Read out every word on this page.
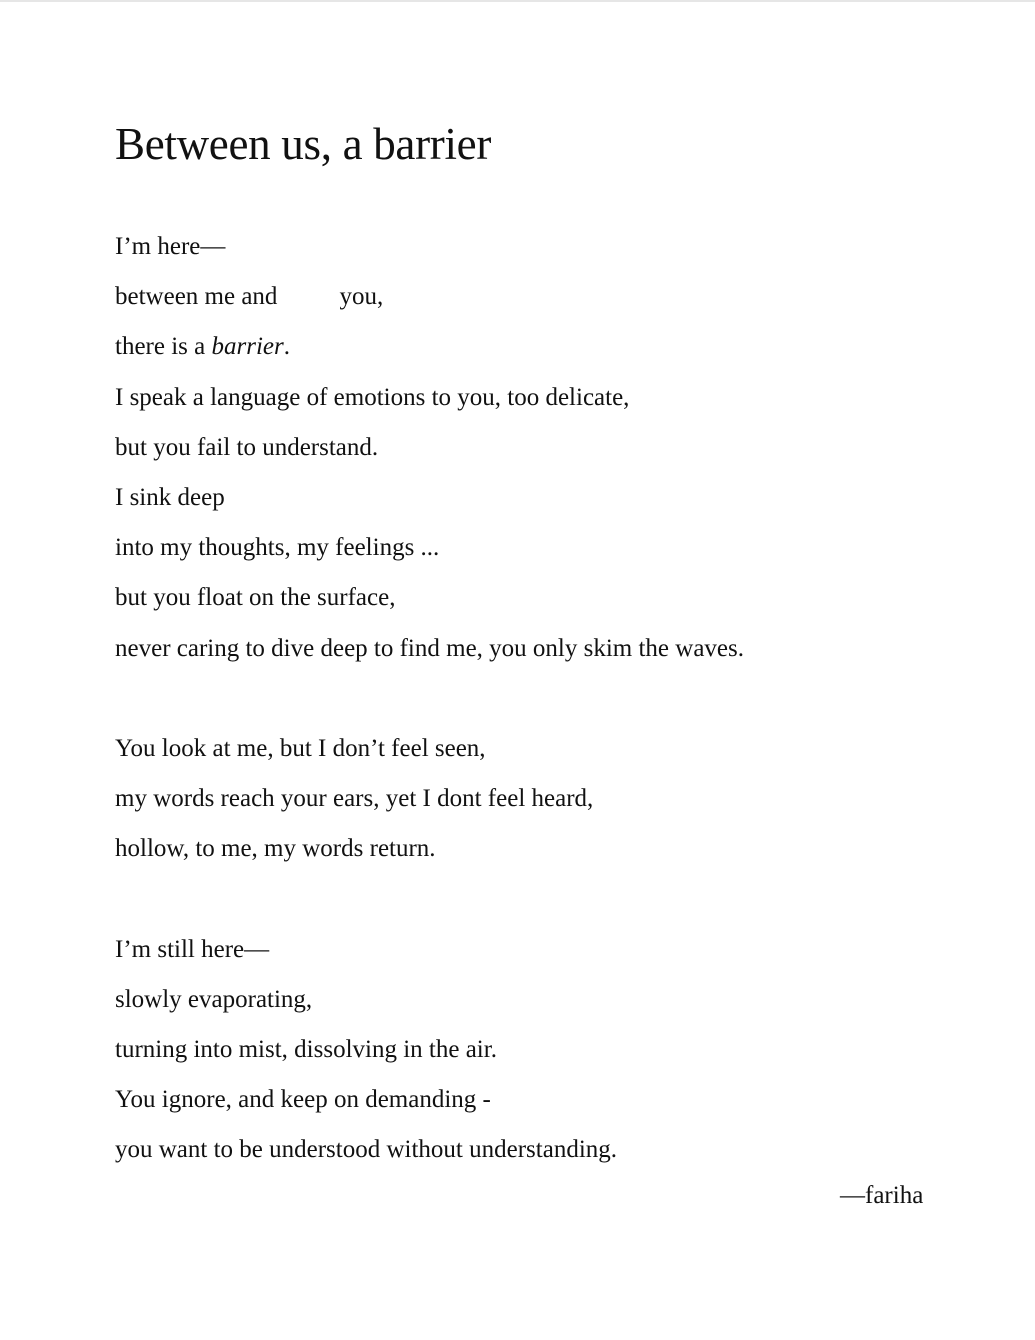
Between us, a barrier
I’m here—
between me and you,
there is a barrier.
I speak a language of emotions to you, too delicate,
but you fail to understand.
I sink deep
into my thoughts, my feelings ...
but you float on the surface,
never caring to dive deep to find me, you only skim the waves.
You look at me, but I don’t feel seen,
my words reach your ears, yet I dont feel heard,
hollow, to me, my words return.
I’m still here—
slowly evaporating,
turning into mist, dissolving in the air.
You ignore, and keep on demanding -
you want to be understood without understanding.
—fariha
